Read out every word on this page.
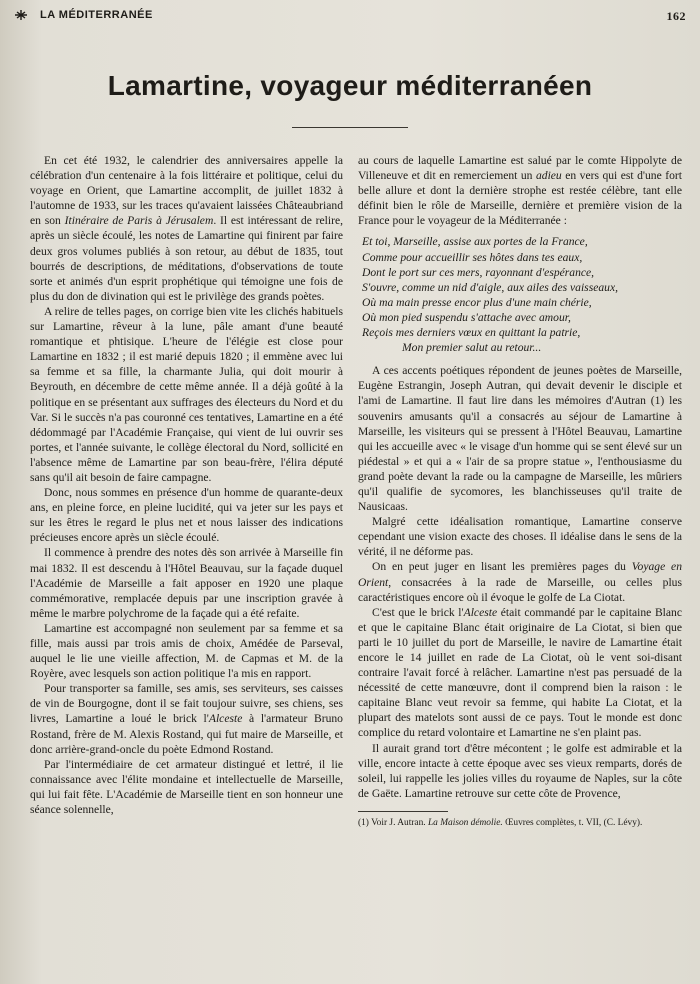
LA MÉDITERRANÉE	162
Lamartine, voyageur méditerranéen

En cet été 1932, le calendrier des anniversaires appelle la célébration d'un centenaire à la fois littéraire et politique, celui du voyage en Orient, que Lamartine accomplit, de juillet 1832 à l'automne de 1933, sur les traces qu'avaient laissées Châteaubriand en son Itinéraire de Paris à Jérusalem. Il est intéressant de relire, après un siècle écoulé, les notes de Lamartine qui finirent par faire deux gros volumes publiés à son retour, au début de 1835, tout bourrés de descriptions, de méditations, d'observations de toute sorte et animés d'un esprit prophétique qui témoigne une fois de plus du don de divination qui est le privilège des grands poètes.

A relire de telles pages, on corrige bien vite les clichés habituels sur Lamartine, rêveur à la lune, pâle amant d'une beauté romantique et phtisique. L'heure de l'élégie est close pour Lamartine en 1832 ; il est marié depuis 1820 ; il emmène avec lui sa femme et sa fille, la charmante Julia, qui doit mourir à Beyrouth, en décembre de cette même année. Il a déjà goûté à la politique en se présentant aux suffrages des électeurs du Nord et du Var. Si le succès n'a pas couronné ces tentatives, Lamartine en a été dédommagé par l'Académie Française, qui vient de lui ouvrir ses portes, et l'année suivante, le collège électoral du Nord, sollicité en l'absence même de Lamartine par son beau-frère, l'élira député sans qu'il ait besoin de faire campagne.

Donc, nous sommes en présence d'un homme de quarante-deux ans, en pleine force, en pleine lucidité, qui va jeter sur les pays et sur les êtres le regard le plus net et nous laisser des indications précieuses encore après un siècle écoulé.

Il commence à prendre des notes dès son arrivée à Marseille fin mai 1832. Il est descendu à l'Hôtel Beauvau, sur la façade duquel l'Académie de Marseille a fait apposer en 1920 une plaque commémorative, remplacée depuis par une inscription gravée à même le marbre polychrome de la façade qui a été refaite.

Lamartine est accompagné non seulement par sa femme et sa fille, mais aussi par trois amis de choix, Amédée de Parseval, auquel le lie une vieille affection, M. de Capmas et M. de la Royère, avec lesquels son action politique l'a mis en rapport.

Pour transporter sa famille, ses amis, ses serviteurs, ses caisses de vin de Bourgogne, dont il se fait toujour suivre, ses chiens, ses livres, Lamartine a loué le brick l'Alceste à l'armateur Bruno Rostand, frère de M. Alexis Rostand, qui fut maire de Marseille, et donc arrière-grand-oncle du poète Edmond Rostand.

Par l'intermédiaire de cet armateur distingué et lettré, il lie connaissance avec l'élite mondaine et intellectuelle de Marseille, qui lui fait fête. L'Académie de Marseille tient en son honneur une séance solennelle,

au cours de laquelle Lamartine est salué par le comte Hippolyte de Villeneuve et dit en remerciement un adieu en vers qui est d'une fort belle allure et dont la dernière strophe est restée célèbre, tant elle définit bien le rôle de Marseille, dernière et première vision de la France pour le voyageur de la Méditerranée :

Et toi, Marseille, assise aux portes de la France,
Comme pour accueillir ses hôtes dans tes eaux,
Dont le port sur ces mers, rayonnant d'espérance,
S'ouvre, comme un nid d'aigle, aux ailes des vaisseaux,
Où ma main presse encor plus d'une main chérie,
Où mon pied suspendu s'attache avec amour,
Reçois mes derniers vœux en quittant la patrie,
Mon premier salut au retour...

A ces accents poétiques répondent de jeunes poètes de Marseille, Eugène Estrangin, Joseph Autran, qui devait devenir le disciple et l'ami de Lamartine. Il faut lire dans les mémoires d'Autran (1) les souvenirs amusants qu'il a consacrés au séjour de Lamartine à Marseille, les visiteurs qui se pressent à l'Hôtel Beauvau, Lamartine qui les accueille avec « le visage d'un homme qui se sent élevé sur un piédestal » et qui a « l'air de sa propre statue », l'enthousiasme du grand poète devant la rade ou la campagne de Marseille, les mûriers qu'il qualifie de sycomores, les blanchisseuses qu'il traite de Nausicaas.

Malgré cette idéalisation romantique, Lamartine conserve cependant une vision exacte des choses. Il idéalise dans le sens de la vérité, il ne déforme pas.

On en peut juger en lisant les premières pages du Voyage en Orient, consacrées à la rade de Marseille, ou celles plus caractéristiques encore où il évoque le golfe de La Ciotat.

C'est que le brick l'Alceste était commandé par le capitaine Blanc et que le capitaine Blanc était originaire de La Ciotat, si bien que parti le 10 juillet du port de Marseille, le navire de Lamartine était encore le 14 juillet en rade de La Ciotat, où le vent soi-disant contraire l'avait forcé à relâcher. Lamartine n'est pas persuadé de la nécessité de cette manœuvre, dont il comprend bien la raison : le capitaine Blanc veut revoir sa femme, qui habite La Ciotat, et la plupart des matelots sont aussi de ce pays. Tout le monde est donc complice du retard volontaire et Lamartine ne s'en plaint pas.

Il aurait grand tort d'être mécontent ; le golfe est admirable et la ville, encore intacte à cette époque avec ses vieux remparts, dorés de soleil, lui rappelle les jolies villes du royaume de Naples, sur la côte de Gaëte. Lamartine retrouve sur cette côte de Provence,

(1) Voir J. Autran. La Maison démolie. Œuvres complètes, t. VII, (C. Lévy).
